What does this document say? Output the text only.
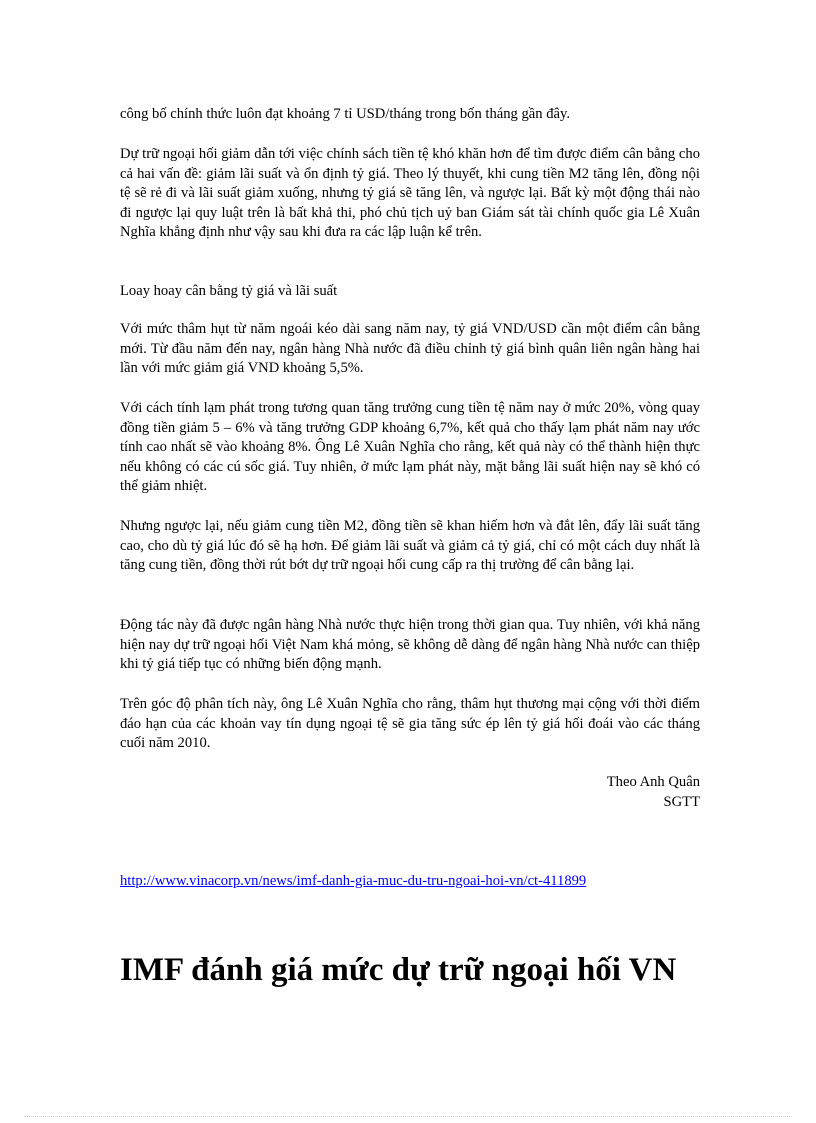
công bố chính thức luôn đạt khoảng 7 tỉ USD/tháng trong bốn tháng gần đây.

Dự trữ ngoại hối giảm dẫn tới việc chính sách tiền tệ khó khăn hơn để tìm được điểm cân bằng cho cả hai vấn đề: giảm lãi suất và ổn định tỷ giá. Theo lý thuyết, khi cung tiền M2 tăng lên, đồng nội tệ sẽ rẻ đi và lãi suất giảm xuống, nhưng tỷ giá sẽ tăng lên, và ngược lại. Bất kỳ một động thái nào đi ngược lại quy luật trên là bất khả thi, phó chủ tịch uỷ ban Giám sát tài chính quốc gia Lê Xuân Nghĩa khẳng định như vậy sau khi đưa ra các lập luận kể trên.

Loay hoay cân bằng tỷ giá và lãi suất

Với mức thâm hụt từ năm ngoái kéo dài sang năm nay, tỷ giá VND/USD cần một điểm cân bằng mới. Từ đầu năm đến nay, ngân hàng Nhà nước đã điều chỉnh tỷ giá bình quân liên ngân hàng hai lần với mức giảm giá VND khoảng 5,5%.

Với cách tính lạm phát trong tương quan tăng trưởng cung tiền tệ năm nay ở mức 20%, vòng quay đồng tiền giảm 5 – 6% và tăng trưởng GDP khoảng 6,7%, kết quả cho thấy lạm phát năm nay ước tính cao nhất sẽ vào khoảng 8%. Ông Lê Xuân Nghĩa cho rằng, kết quả này có thể thành hiện thực nếu không có các cú sốc giá. Tuy nhiên, ở mức lạm phát này, mặt bằng lãi suất hiện nay sẽ khó có thể giảm nhiệt.

Nhưng ngược lại, nếu giảm cung tiền M2, đồng tiền sẽ khan hiếm hơn và đắt lên, đẩy lãi suất tăng cao, cho dù tỷ giá lúc đó sẽ hạ hơn. Để giảm lãi suất và giảm cả tỷ giá, chỉ có một cách duy nhất là tăng cung tiền, đồng thời rút bớt dự trữ ngoại hối cung cấp ra thị trường để cân bằng lại.

Động tác này đã được ngân hàng Nhà nước thực hiện trong thời gian qua. Tuy nhiên, với khả năng hiện nay dự trữ ngoại hối Việt Nam khá mỏng, sẽ không dễ dàng để ngân hàng Nhà nước can thiệp khi tỷ giá tiếp tục có những biến động mạnh.

Trên góc độ phân tích này, ông Lê Xuân Nghĩa cho rằng, thâm hụt thương mại cộng với thời điểm đáo hạn của các khoản vay tín dụng ngoại tệ sẽ gia tăng sức ép lên tỷ giá hối đoái vào các tháng cuối năm 2010.

Theo Anh Quân
SGTT
http://www.vinacorp.vn/news/imf-danh-gia-muc-du-tru-ngoai-hoi-vn/ct-411899
IMF đánh giá mức dự trữ ngoại hối VN
